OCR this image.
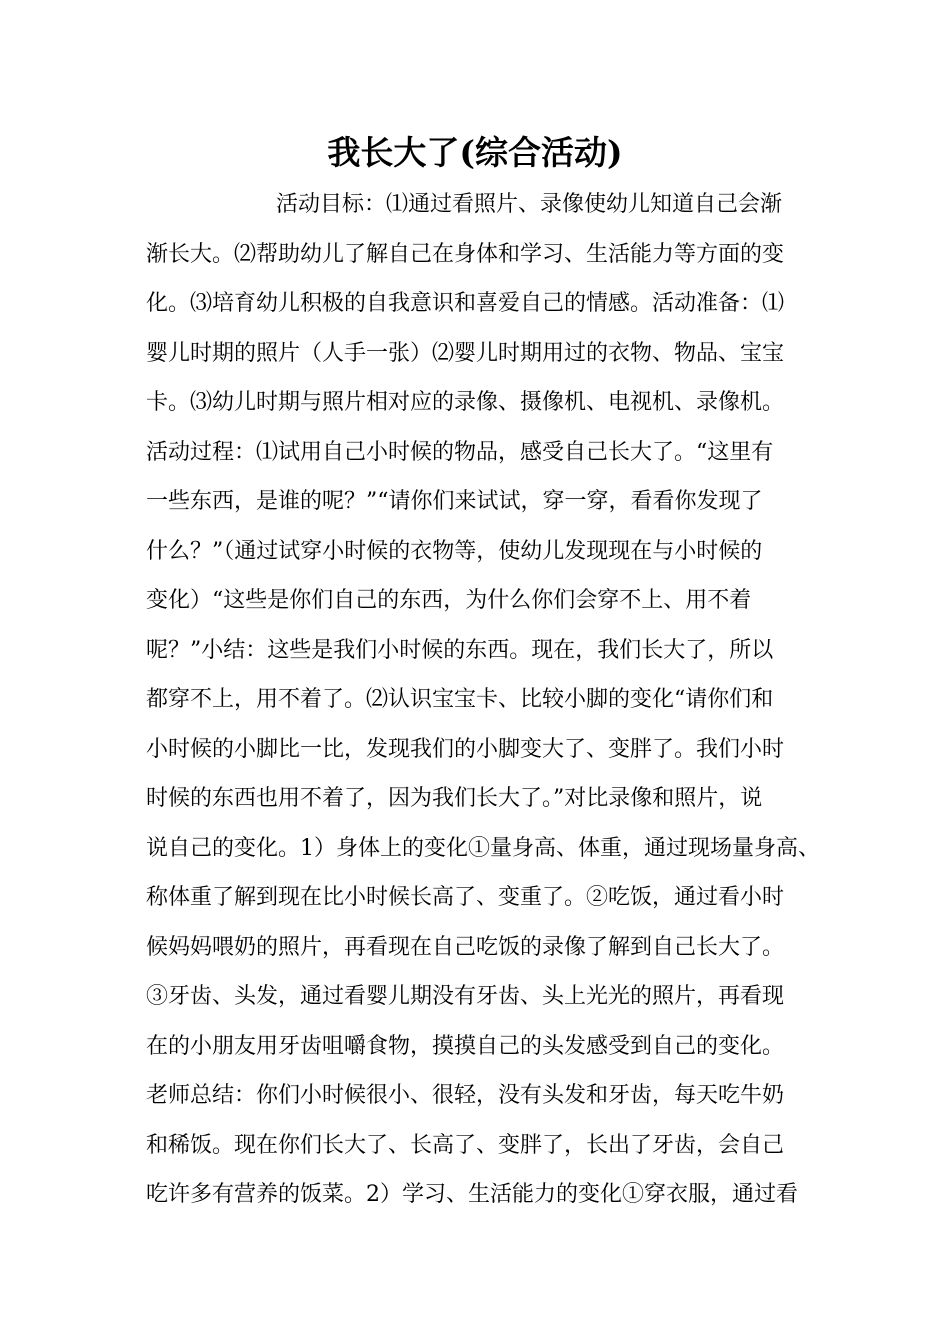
我长大了(综合活动)
活动目标：⑴通过看照片、录像使幼儿知道自己会渐
渐长大。⑵帮助幼儿了解自己在身体和学习、生活能力等方面的变
化。⑶培育幼儿积极的自我意识和喜爱自己的情感。活动准备：⑴
婴儿时期的照片（人手一张）⑵婴儿时期用过的衣物、物品、宝宝
卡。⑶幼儿时期与照片相对应的录像、摄像机、电视机、录像机。
活动过程：⑴试用自己小时候的物品，感受自己长大了。“这里有
一些东西，是谁的呢？”“请你们来试试，穿一穿，看看你发现了
什么？”（通过试穿小时候的衣物等，使幼儿发现现在与小时候的
变化）“这些是你们自己的东西，为什么你们会穿不上、用不着
呢？”小结：这些是我们小时候的东西。现在，我们长大了，所以
都穿不上，用不着了。⑵认识宝宝卡、比较小脚的变化“请你们和
小时候的小脚比一比，发现我们的小脚变大了、变胖了。我们小时
时候的东西也用不着了，因为我们长大了。”对比录像和照片，说
说自己的变化。1）身体上的变化①量身高、体重，通过现场量身高、
称体重了解到现在比小时候长高了、变重了。②吃饭，通过看小时
候妈妈喂奶的照片，再看现在自己吃饭的录像了解到自己长大了。
③牙齿、头发，通过看婴儿期没有牙齿、头上光光的照片，再看现
在的小朋友用牙齿咀嚼食物，摸摸自己的头发感受到自己的变化。
老师总结：你们小时候很小、很轻，没有头发和牙齿，每天吃牛奶
和稀饭。现在你们长大了、长高了、变胖了，长出了牙齿，会自己
吃许多有营养的饭菜。2）学习、生活能力的变化①穿衣服，通过看
